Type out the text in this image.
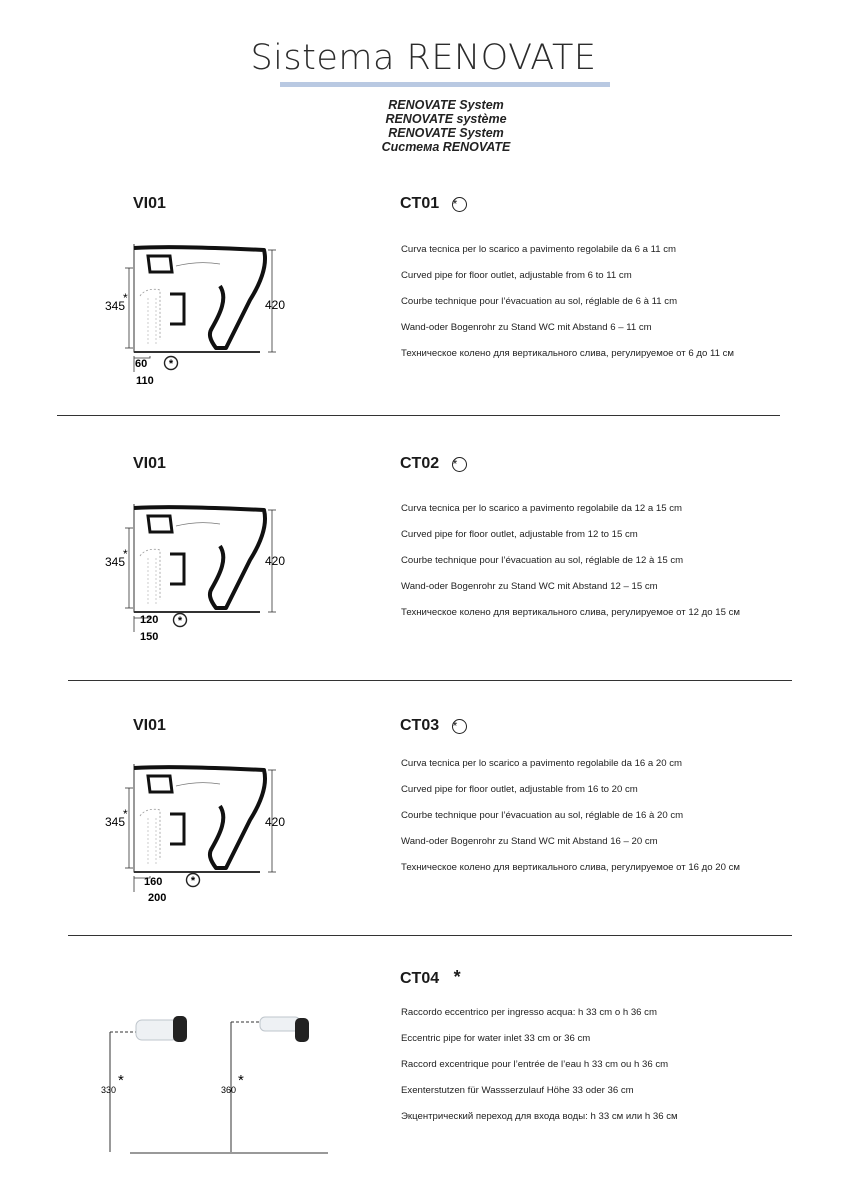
Sistema RENOVATE
RENOVATE System
RENOVATE système
RENOVATE System
Система RENOVATE
VI01	CT01 *
345
*	420
60
110
*
Curva tecnica per lo scarico a pavimento regolabile da 6 a 11 cm
Curved pipe for floor outlet, adjustable from 6 to 11 cm
Courbe technique pour l’évacuation au sol, réglable de 6 à 11 cm
Wand-oder Bogenrohr zu Stand WC mit Abstand 6 – 11 cm
Техническое колено для вертикального слива, регулируемое от 6 до 11 см
VI01	CT02 *
345
*	420
120
150
*
Curva tecnica per lo scarico a pavimento regolabile da 12 a 15 cm
Curved pipe for floor outlet, adjustable from 12 to 15 cm
Courbe technique pour l’évacuation au sol, réglable de 12 à 15 cm
Wand-oder Bogenrohr zu Stand WC mit Abstand 12 – 15 cm
Техническое колено для вертикального слива, регулируемое от 12 до 15 см
VI01	CT03 *
345
*
420
160
200
*
Curva tecnica per lo scarico a pavimento regolabile da 16 a 20 cm
Curved pipe for floor outlet, adjustable from 16 to 20 cm
Courbe technique pour l’évacuation au sol, réglable de 16 à 20 cm
Wand-oder Bogenrohr zu Stand WC mit Abstand 16 – 20 cm
Техническое колено для вертикального слива, регулируемое от 16 до 20 см
CT04 *
330
*
360
*
Raccordo eccentrico per ingresso acqua: h 33 cm o h 36 cm
Eccentric pipe for water inlet 33 cm or 36 cm
Raccord excentrique pour l’entrée de l’eau h 33 cm ou h 36 cm
Exenterstutzen für Wassserzulauf Höhe 33 oder 36 cm
Экцентрический переход для входа воды: h 33 см или h 36 см
